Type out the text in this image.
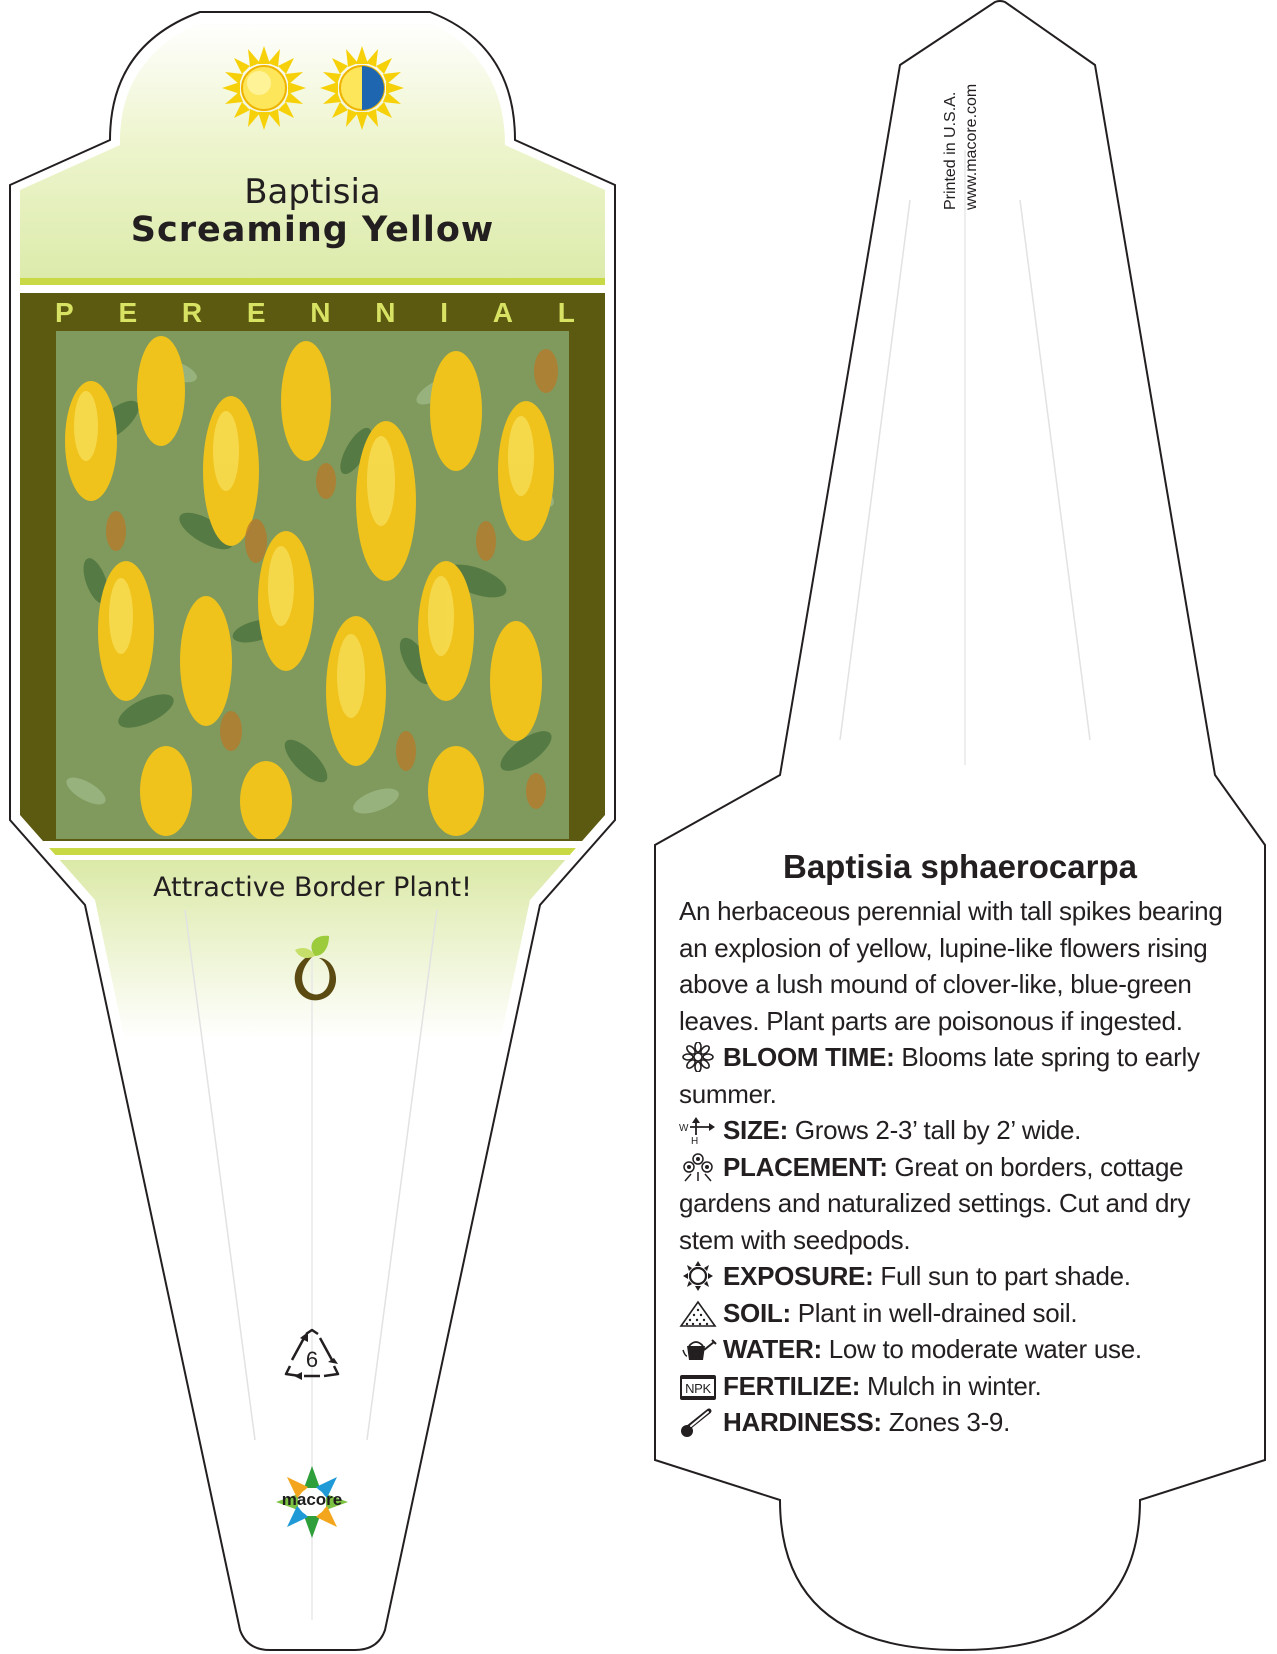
Baptisia
Screaming Yellow
P E R E N N I A L
Attractive Border Plant!
6
macore
Printed in U.S.A. www.macore.com
Baptisia sphaerocarpa
An herbaceous perennial with tall spikes bearing an explosion of yellow, lupine-like flowers rising above a lush mound of clover-like, blue-green leaves. Plant parts are poisonous if ingested.
BLOOM TIME: Blooms late spring to early summer.
W
H SIZE: Grows 2-3’ tall by 2’ wide.
PLACEMENT: Great on borders, cottage gardens and naturalized settings. Cut and dry stem with seedpods.
EXPOSURE: Full sun to part shade.
SOIL: Plant in well-drained soil.
WATER: Low to moderate water use.
NPK FERTILIZE: Mulch in winter.
HARDINESS: Zones 3-9.
